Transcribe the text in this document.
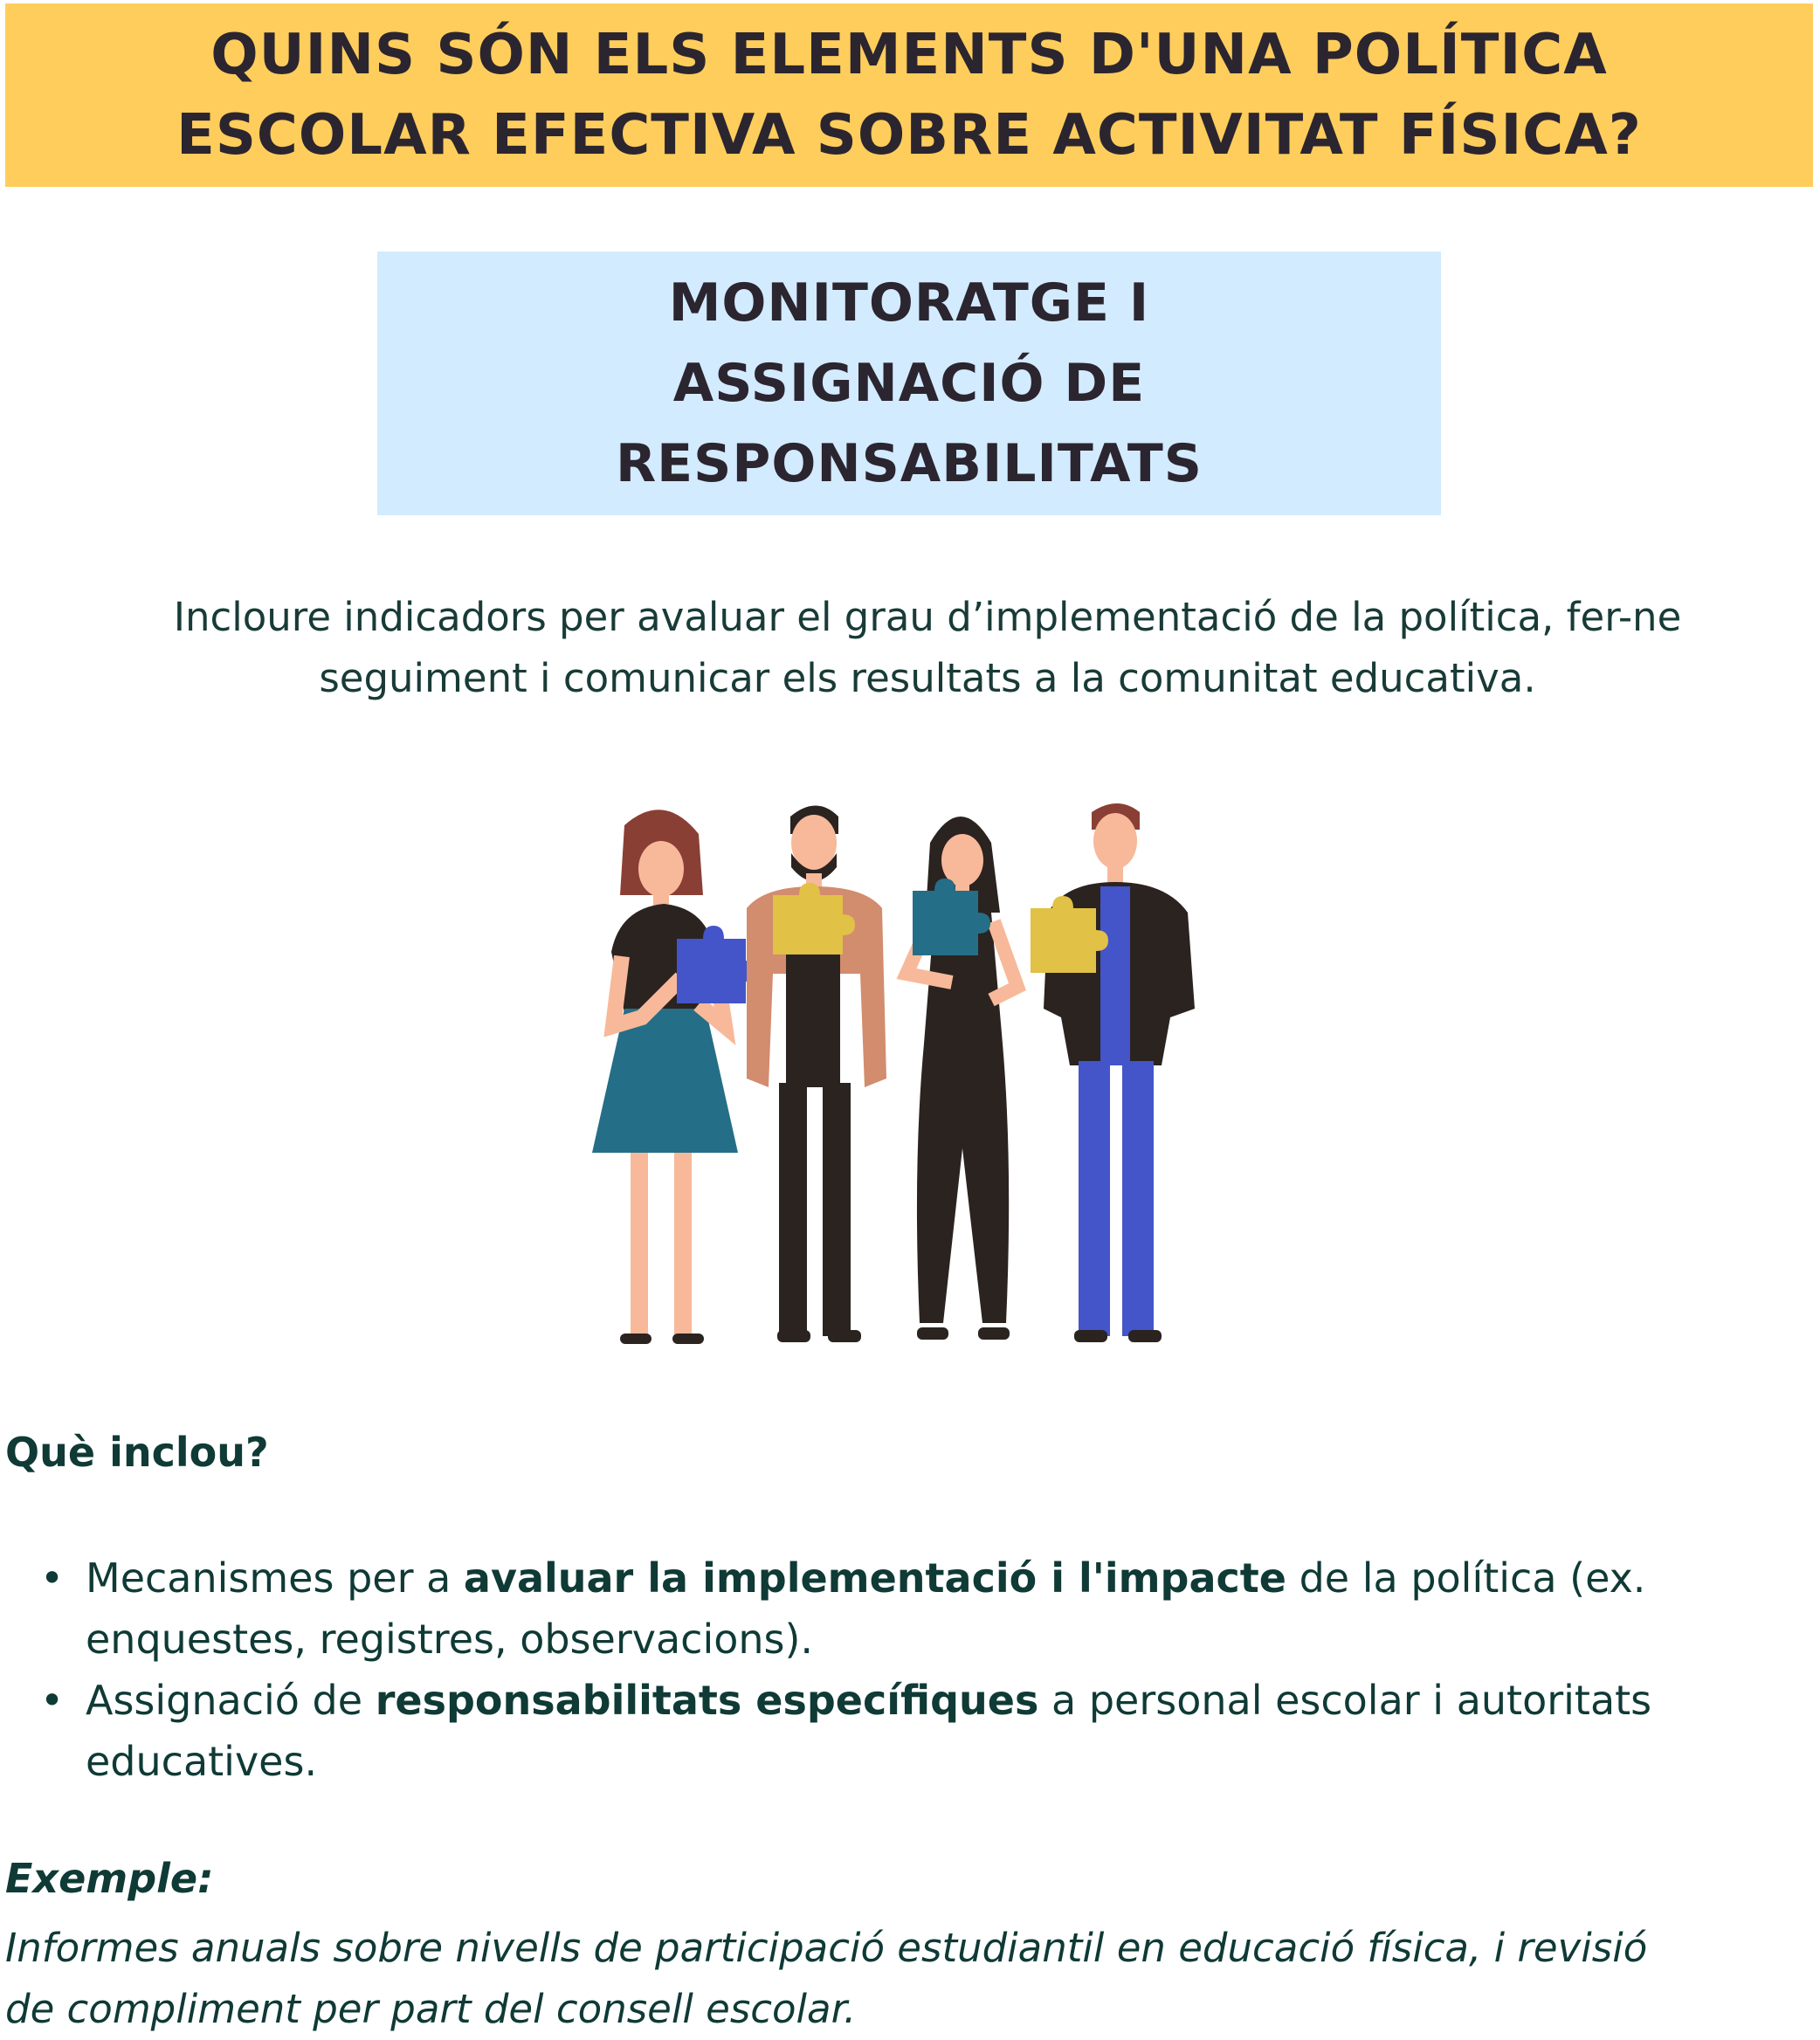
QUINS SÓN ELS ELEMENTS D'UNA POLÍTICA
ESCOLAR EFECTIVA SOBRE ACTIVITAT FÍSICA?
MONITORATGE I
ASSIGNACIÓ DE
RESPONSABILITATS
Incloure indicadors per avaluar el grau d’implementació de la política, fer-ne
seguiment i comunicar els resultats a la comunitat educativa.
Què inclou?
• Mecanismes per a avaluar la implementació i l'impacte de la política (ex.
enquestes, registres, observacions).
• Assignació de responsabilitats específiques a personal escolar i autoritats
educatives.
Exemple:
Informes anuals sobre nivells de participació estudiantil en educació física, i revisió
de compliment per part del consell escolar.
